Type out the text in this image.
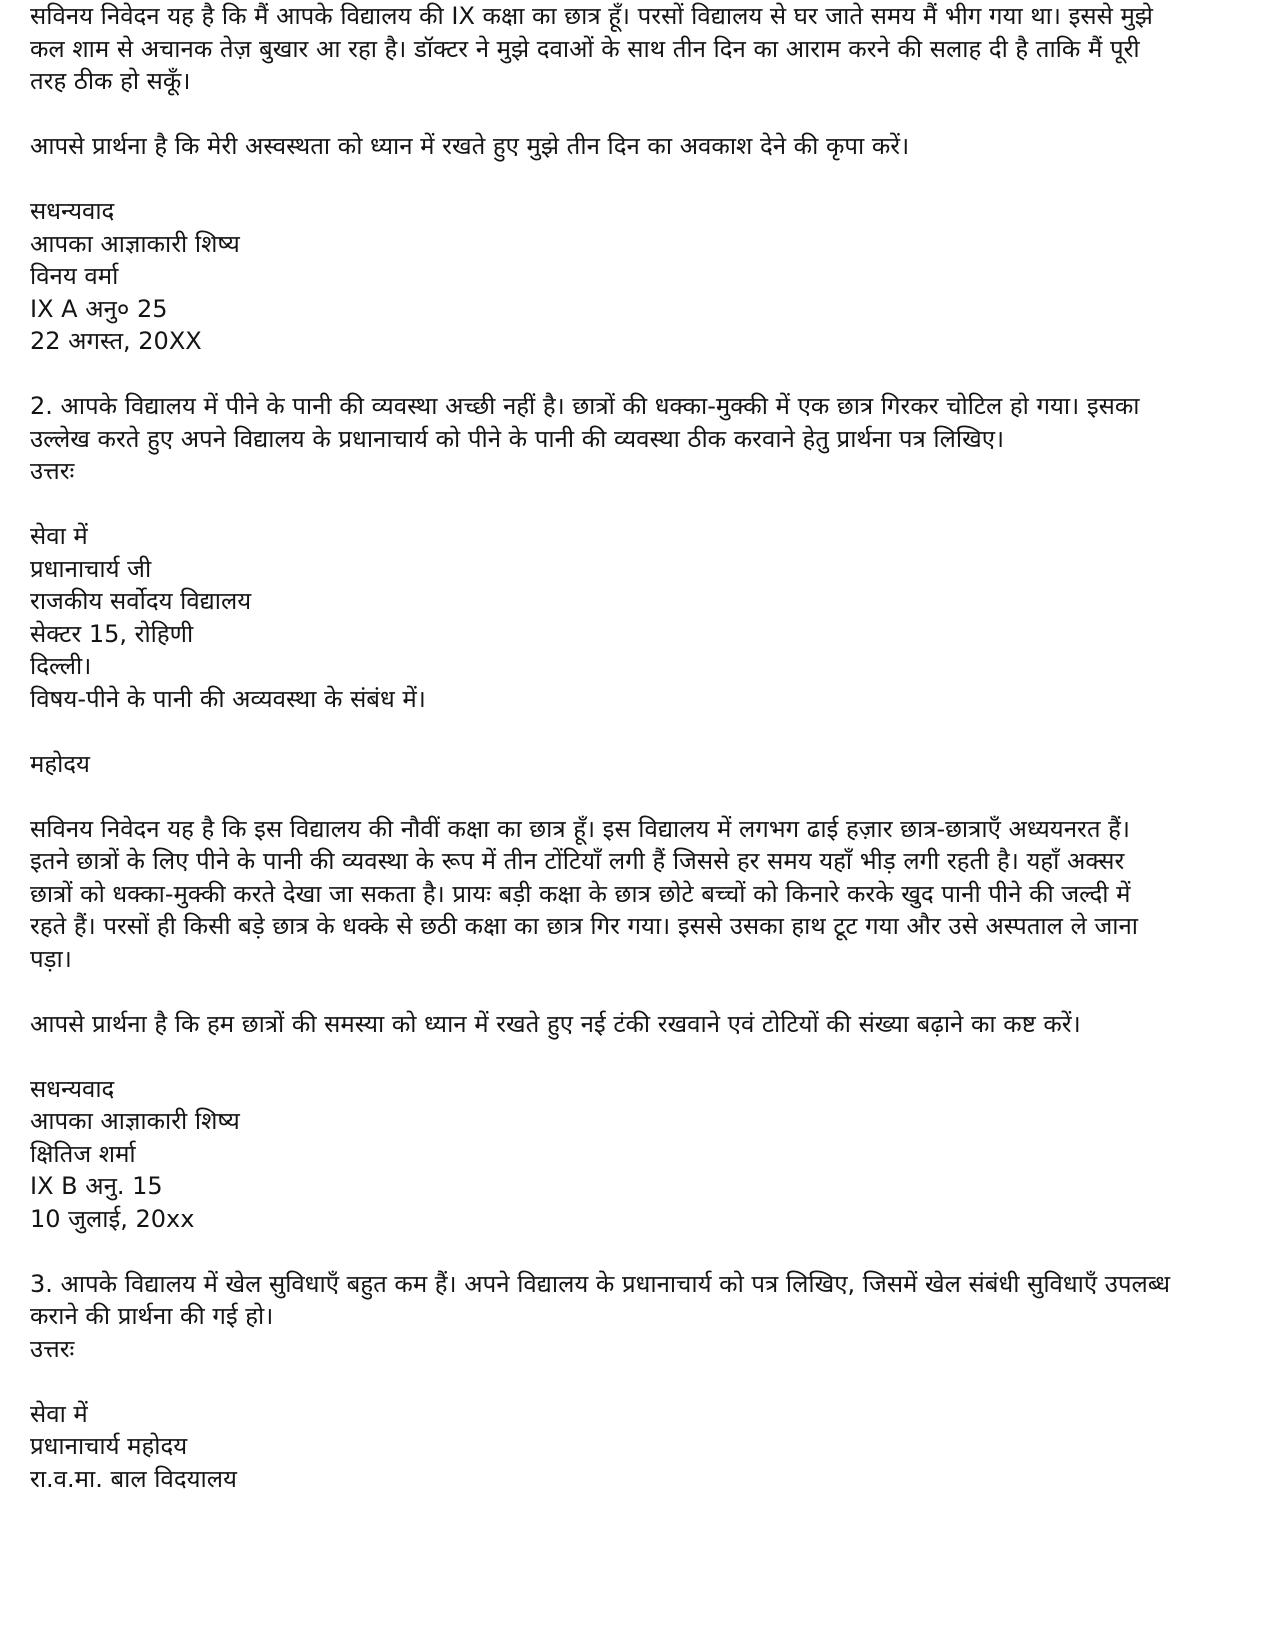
सविनय निवेदन यह है कि मैं आपके विद्यालय की IX कक्षा का छात्र हूँ। परसों विद्यालय से घर जाते समय मैं भीग गया था। इससे मुझे
कल शाम से अचानक तेज़ बुखार आ रहा है। डॉक्टर ने मुझे दवाओं के साथ तीन दिन का आराम करने की सलाह दी है ताकि मैं पूरी
तरह ठीक हो सकूँ।
आपसे प्रार्थना है कि मेरी अस्वस्थता को ध्यान में रखते हुए मुझे तीन दिन का अवकाश देने की कृपा करें।
सधन्यवाद
आपका आज्ञाकारी शिष्य
विनय वर्मा
IX A अनु० 25
22 अगस्त, 20XX
2. आपके विद्यालय में पीने के पानी की व्यवस्था अच्छी नहीं है। छात्रों की धक्का-मुक्की में एक छात्र गिरकर चोटिल हो गया। इसका
उल्लेख करते हुए अपने विद्यालय के प्रधानाचार्य को पीने के पानी की व्यवस्था ठीक करवाने हेतु प्रार्थना पत्र लिखिए।
उत्तरः
सेवा में
प्रधानाचार्य जी
राजकीय सर्वोदय विद्यालय
सेक्टर 15, रोहिणी
दिल्ली।
विषय-पीने के पानी की अव्यवस्था के संबंध में।
महोदय
सविनय निवेदन यह है कि इस विद्यालय की नौवीं कक्षा का छात्र हूँ। इस विद्यालय में लगभग ढाई हज़ार छात्र-छात्राएँ अध्ययनरत हैं।
इतने छात्रों के लिए पीने के पानी की व्यवस्था के रूप में तीन टोंटियाँ लगी हैं जिससे हर समय यहाँ भीड़ लगी रहती है। यहाँ अक्सर
छात्रों को धक्का-मुक्की करते देखा जा सकता है। प्रायः बड़ी कक्षा के छात्र छोटे बच्चों को किनारे करके खुद पानी पीने की जल्दी में
रहते हैं। परसों ही किसी बड़े छात्र के धक्के से छठी कक्षा का छात्र गिर गया। इससे उसका हाथ टूट गया और उसे अस्पताल ले जाना
पड़ा।
आपसे प्रार्थना है कि हम छात्रों की समस्या को ध्यान में रखते हुए नई टंकी रखवाने एवं टोटियों की संख्या बढ़ाने का कष्ट करें।
सधन्यवाद
आपका आज्ञाकारी शिष्य
क्षितिज शर्मा
IX B अनु. 15
10 जुलाई, 20xx
3. आपके विद्यालय में खेल सुविधाएँ बहुत कम हैं। अपने विद्यालय के प्रधानाचार्य को पत्र लिखिए, जिसमें खेल संबंधी सुविधाएँ उपलब्ध
कराने की प्रार्थना की गई हो।
उत्तरः
सेवा में
प्रधानाचार्य महोदय
रा.व.मा. बाल विदयालय
